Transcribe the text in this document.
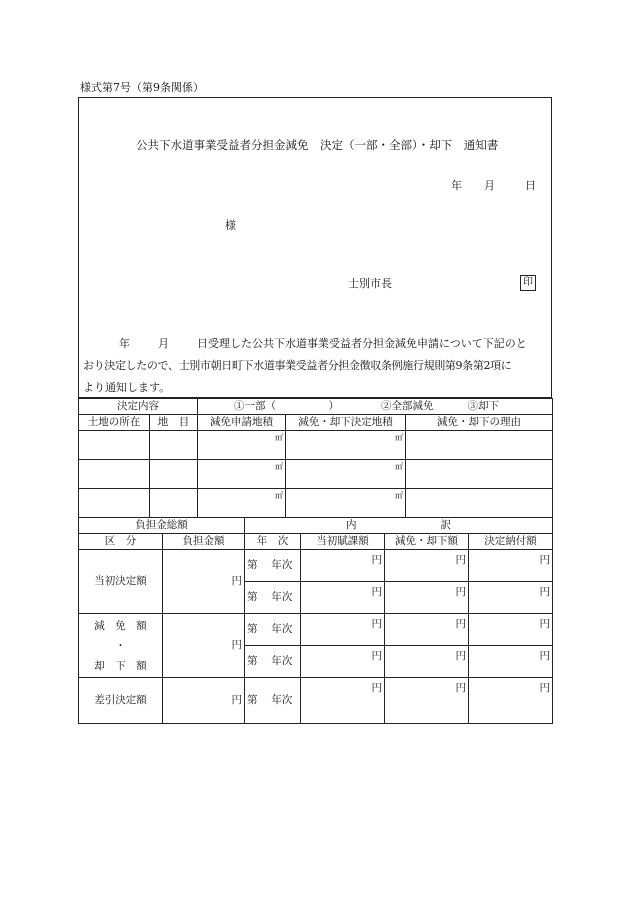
様式第7号（第9条関係）
公共下水道事業受益者分担金減免　決定（一部・全部）・却下　通知書
年 月	日
様
士別市長	印
年	月	日受理した公共下水道事業受益者分担金減免申請について下記のと
おり決定したので、士別市朝日町下水道事業受益者分担金徴収条例施行規則第9条第2項に
より通知します。
決定内容		①一部（　　　　　） ②全部減免 ③却下		
土地の所在	地　目	減免申請地積	減免・却下決定地積	減免・却下の理由
		㎡	㎡	
		㎡	㎡	
		㎡	㎡	
負担金総額		内　　　　　　　　訳			
区　分	負担金額	年　次	当初賦課額	減免・却下額	決定納付額
当初決定額	円	第　 年次	円	円	円
		第　 年次	円	円	円
減　免　額
・
却　下　額	円	第　 年次	円	円	円
		第　 年次	円	円	円
差引決定額	円	第　 年次	円	円	円
